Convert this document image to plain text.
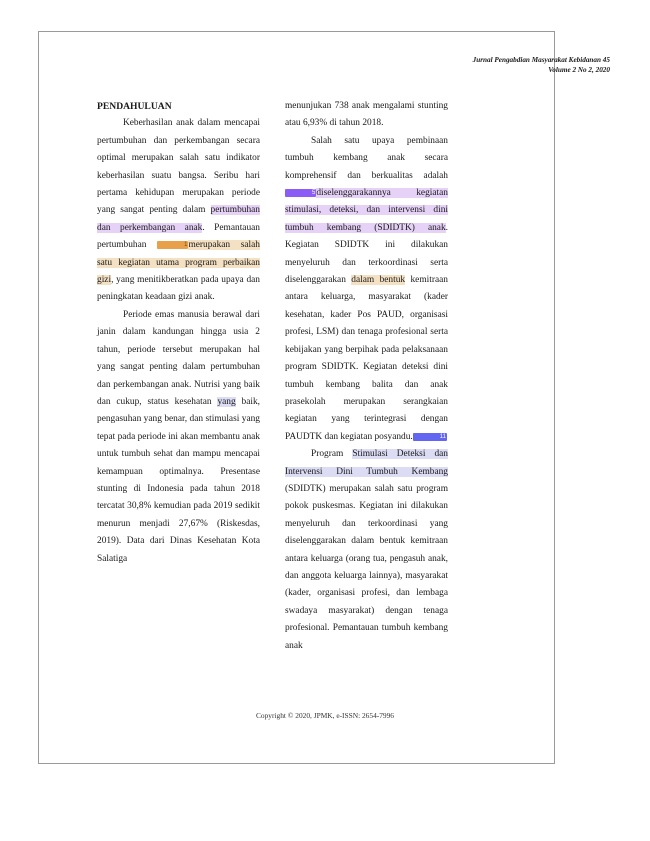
Jurnal Pengabdian Masyarakat Kebidanan 45
Volume 2 No 2, 2020

PENDAHULUAN

Keberhasilan anak dalam mencapai pertumbuhan dan perkembangan secara optimal merupakan salah satu indikator keberhasilan suatu bangsa. Seribu hari pertama kehidupan merupakan periode yang sangat penting dalam pertumbuhan dan perkembangan anak. Pemantauan pertumbuhan	1merupakan salah satu kegiatan utama program perbaikan gizi, yang menitikberatkan pada upaya dan peningkatan keadaan gizi anak.

Periode emas manusia berawal dari janin dalam kandungan hingga usia 2 tahun, periode tersebut merupakan hal yang sangat penting dalam pertumbuhan dan perkembangan anak. Nutrisi yang baik dan cukup, status kesehatan yang baik, pengasuhan yang benar, dan stimulasi yang tepat pada periode ini akan membantu anak untuk tumbuh sehat dan mampu mencapai kemampuan optimalnya. Presentase stunting di Indonesia pada tahun 2018 tercatat 30,8% kemudian pada 2019 sedikit menurun menjadi 27,67% (Riskesdas, 2019). Data dari Dinas Kesehatan Kota Salatiga

menunjukan 738 anak mengalami stunting atau 6,93% di tahun 2018.

Salah satu upaya pembinaan tumbuh kembang anak secara komprehensif dan berkualitas adalah 5diselenggarakannya kegiatan stimulasi, deteksi, dan intervensi dini tumbuh kembang (SDIDTK) anak. Kegiatan SDIDTK ini dilakukan menyeluruh dan terkoordinasi serta diselenggarakan dalam bentuk kemitraan antara keluarga, masyarakat (kader kesehatan, kader Pos PAUD, organisasi profesi, LSM) dan tenaga profesional serta kebijakan yang berpihak pada pelaksanaan program SDIDTK. Kegiatan deteksi dini tumbuh kembang balita dan anak prasekolah merupakan serangkaian kegiatan yang terintegrasi dengan PAUDTK dan kegiatan posyandu.	11

Program Stimulasi Deteksi dan Intervensi Dini Tumbuh Kembang (SDIDTK) merupakan salah satu program pokok puskesmas. Kegiatan ini dilakukan menyeluruh dan terkoordinasi yang diselenggarakan dalam bentuk kemitraan antara keluarga (orang tua, pengasuh anak, dan anggota keluarga lainnya), masyarakat (kader, organisasi profesi, dan lembaga swadaya masyarakat) dengan tenaga profesional. Pemantauan tumbuh kembang anak

Copyright © 2020, JPMK, e-ISSN: 2654-7996
